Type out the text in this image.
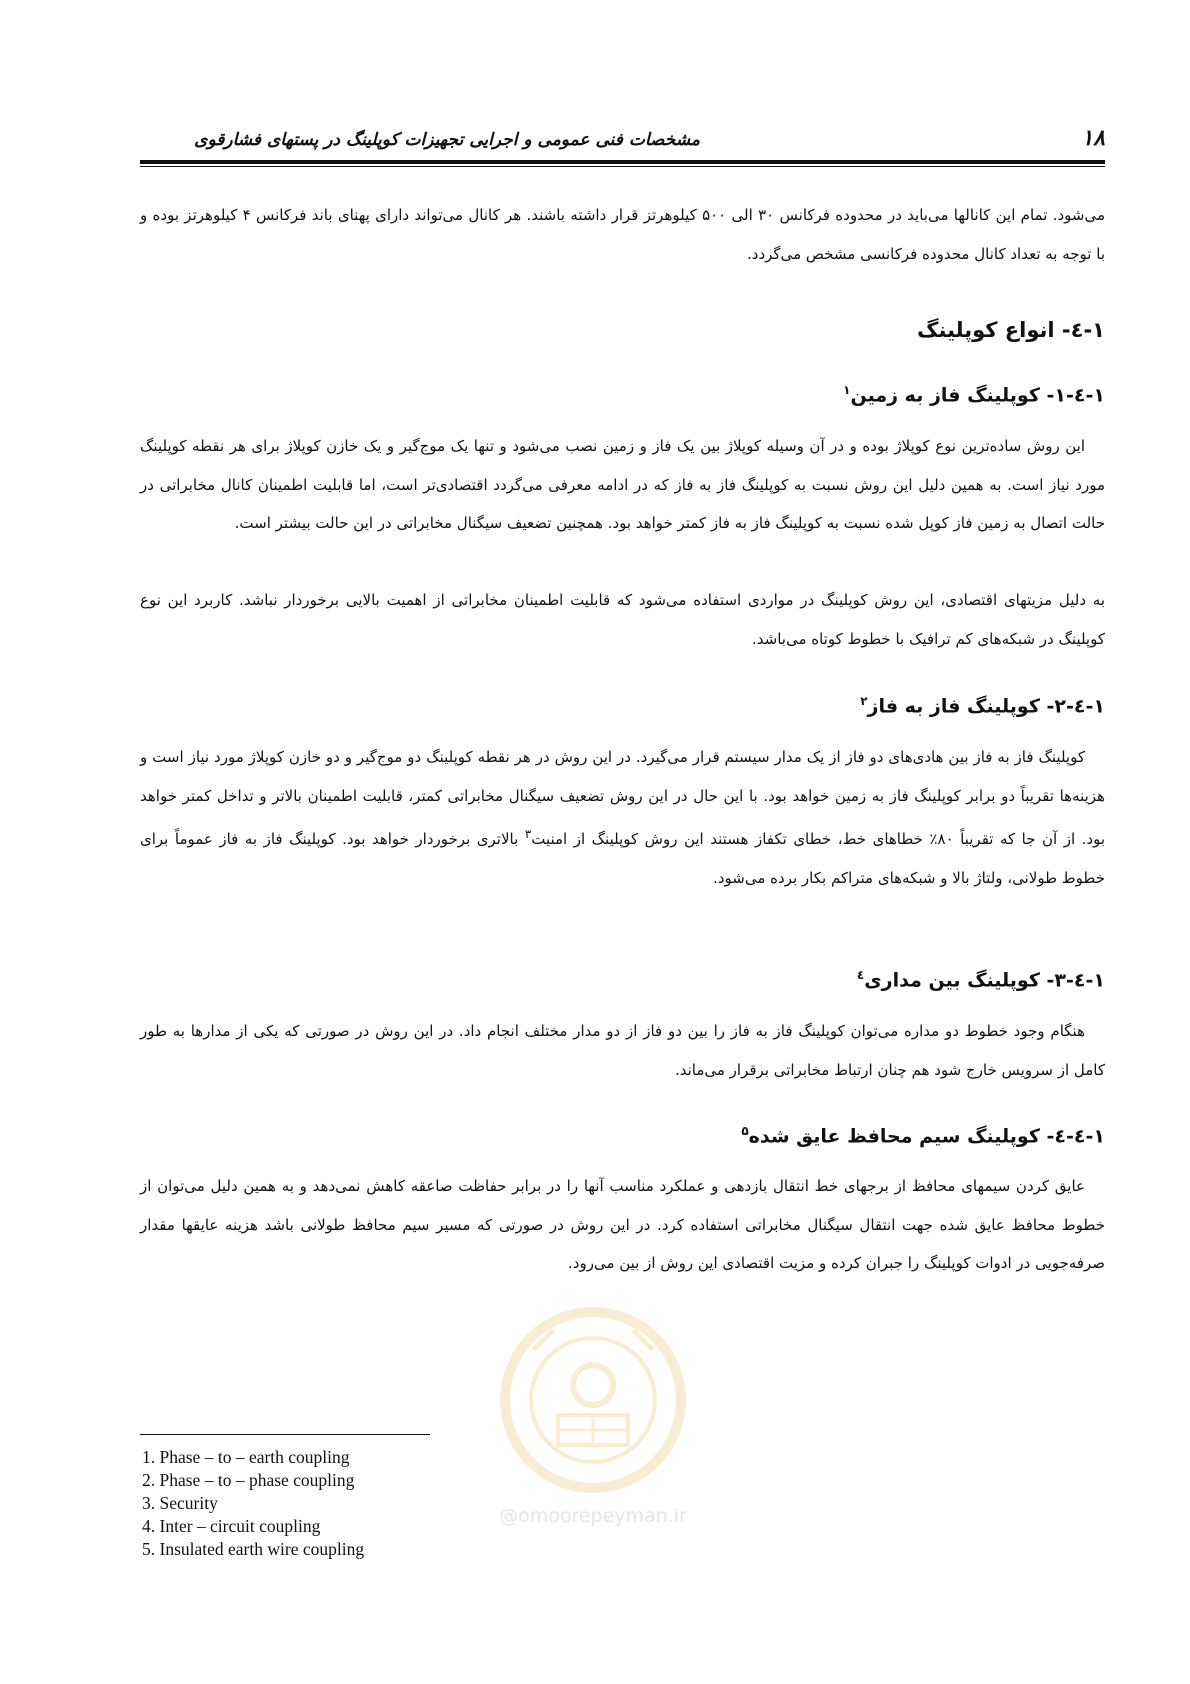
مشخصات فنی عمومی و اجرایی تجهیزات کوپلینگ در پستهای فشارقوی	۱۸
می‌شود. تمام این کانالها می‌باید در محدوده فرکانس ۳۰ الی ۵۰۰ کیلوهرتز قرار داشته باشند. هر کانال می‌تواند دارای پهنای باند فرکانس ۴ کیلوهرتز بوده و با توجه به تعداد کانال محدوده فرکانسی مشخص می‌گردد.
۱-٤- انواع کوپلینگ
۱-٤-۱- کوپلینگ فاز به زمین$^۱$
این روش ساده‌ترین نوع کوپلاژ بوده و در آن وسیله کوپلاژ بین یک فاز و زمین نصب می‌شود و تنها یک موج‌گیر و یک خازن کوپلاژ برای هر نقطه کوپلینگ مورد نیاز است. به همین دلیل این روش نسبت به کوپلینگ فاز به فاز که در ادامه معرفی می‌گردد اقتصادی‌تر است، اما قابلیت اطمینان کانال مخابراتی در حالت اتصال به زمین فاز کوپل شده نسبت به کوپلینگ فاز به فاز کمتر خواهد بود. همچنین تضعیف سیگنال مخابراتی در این حالت بیشتر است.
به دلیل مزیتهای اقتصادی، این روش کوپلینگ در مواردی استفاده می‌شود که قابلیت اطمینان مخابراتی از اهمیت بالایی برخوردار نباشد. کاربرد این نوع کوپلینگ در شبکه‌های کم ترافیک با خطوط کوتاه می‌باشد.
۱-٤-۲- کوپلینگ فاز به فاز$^۲$
کوپلینگ فاز به فاز بین هادی‌های دو فاز از یک مدار سیستم قرار می‌گیرد. در این روش در هر نقطه کوپلینگ دو موج‌گیر و دو خازن کوپلاژ مورد نیاز است و هزینه‌ها تقریباً دو برابر کوپلینگ فاز به زمین خواهد بود. با این حال در این روش تضعیف سیگنال مخابراتی کمتر، قابلیت اطمینان بالاتر و تداخل کمتر خواهد بود. از آن جا که تقریباً ۸۰٪ خطاهای خط، خطای تکفاز هستند این روش کوپلینگ از امنیت$^۳$ بالاتری برخوردار خواهد بود. کوپلینگ فاز به فاز عموماً برای خطوط طولانی، ولتاژ بالا و شبکه‌های متراکم بکار برده می‌شود.
۱-٤-۳- کوپلینگ بین مداری$^٤$
هنگام وجود خطوط دو مداره می‌توان کوپلینگ فاز به فاز را بین دو فاز از دو مدار مختلف انجام داد. در این روش در صورتی که یکی از مدارها به طور کامل از سرویس خارج شود هم چنان ارتباط مخابراتی برقرار می‌ماند.
۱-٤-٤- کوپلینگ سیم محافظ عایق شده$^۵$
عایق کردن سیمهای محافظ از برجهای خط انتقال بازدهی و عملکرد مناسب آنها را در برابر حفاظت صاعقه کاهش نمی‌دهد و به همین دلیل می‌توان از خطوط محافظ عایق شده جهت انتقال سیگنال مخابراتی استفاده کرد. در این روش در صورتی که مسیر سیم محافظ طولانی باشد هزینه عایقها مقدار صرفه‌جویی در ادوات کوپلینگ را جبران کرده و مزیت اقتصادی این روش از بین می‌رود.
@omoorepeyman.ir
1. Phase – to – earth coupling
2. Phase – to – phase coupling
3. Security
4. Inter – circuit coupling
5. Insulated earth wire coupling
